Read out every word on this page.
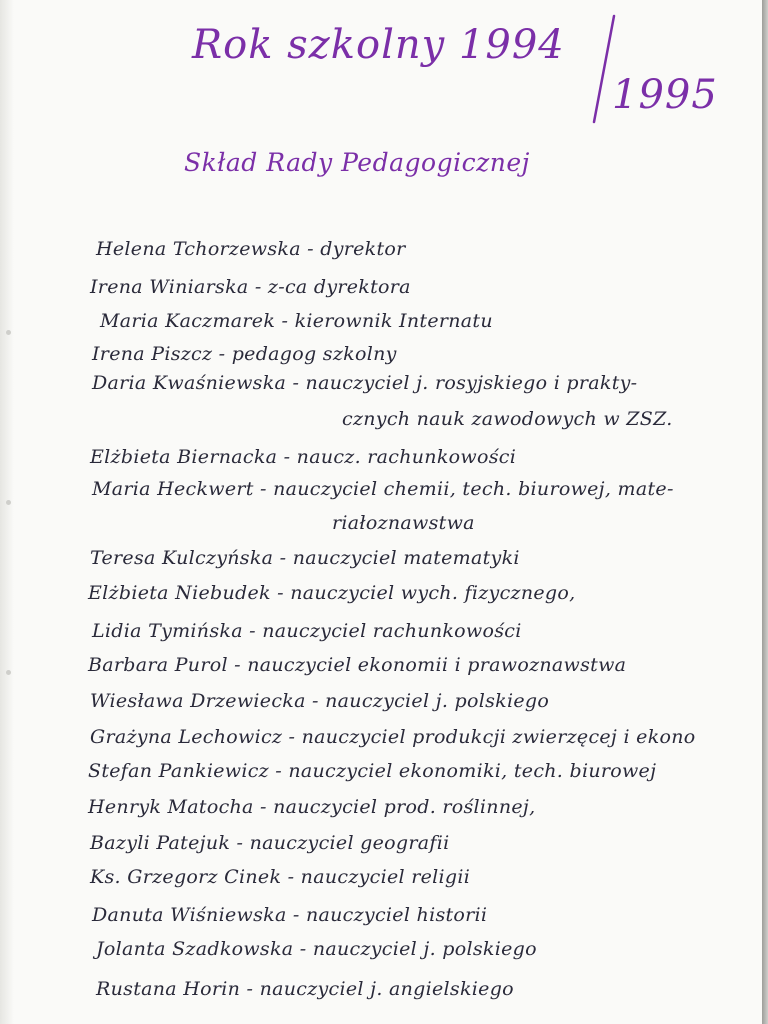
Rok szkolny 1994
1995
Skład Rady Pedagogicznej
Helena Tchorzewska - dyrektor
Irena Winiarska - z-ca dyrektora
Maria Kaczmarek - kierownik Internatu
Irena Piszcz - pedagog szkolny
Daria Kwaśniewska - nauczyciel j. rosyjskiego i prakty-
cznych nauk zawodowych w ZSZ.
Elżbieta Biernacka - naucz. rachunkowości
Maria Heckwert - nauczyciel chemii, tech. biurowej, mate-
riałoznawstwa
Teresa Kulczyńska - nauczyciel matematyki
Elżbieta Niebudek - nauczyciel wych. fizycznego,
Lidia Tymińska - nauczyciel rachunkowości
Barbara Purol - nauczyciel ekonomii i prawoznawstwa
Wiesława Drzewiecka - nauczyciel j. polskiego
Grażyna Lechowicz - nauczyciel produkcji zwierzęcej i ekono
Stefan Pankiewicz - nauczyciel ekonomiki, tech. biurowej
Henryk Matocha - nauczyciel prod. roślinnej,
Bazyli Patejuk - nauczyciel geografii
Ks. Grzegorz Cinek - nauczyciel religii
Danuta Wiśniewska - nauczyciel historii
Jolanta Szadkowska - nauczyciel j. polskiego
Rustana Horin - nauczyciel j. angielskiego
